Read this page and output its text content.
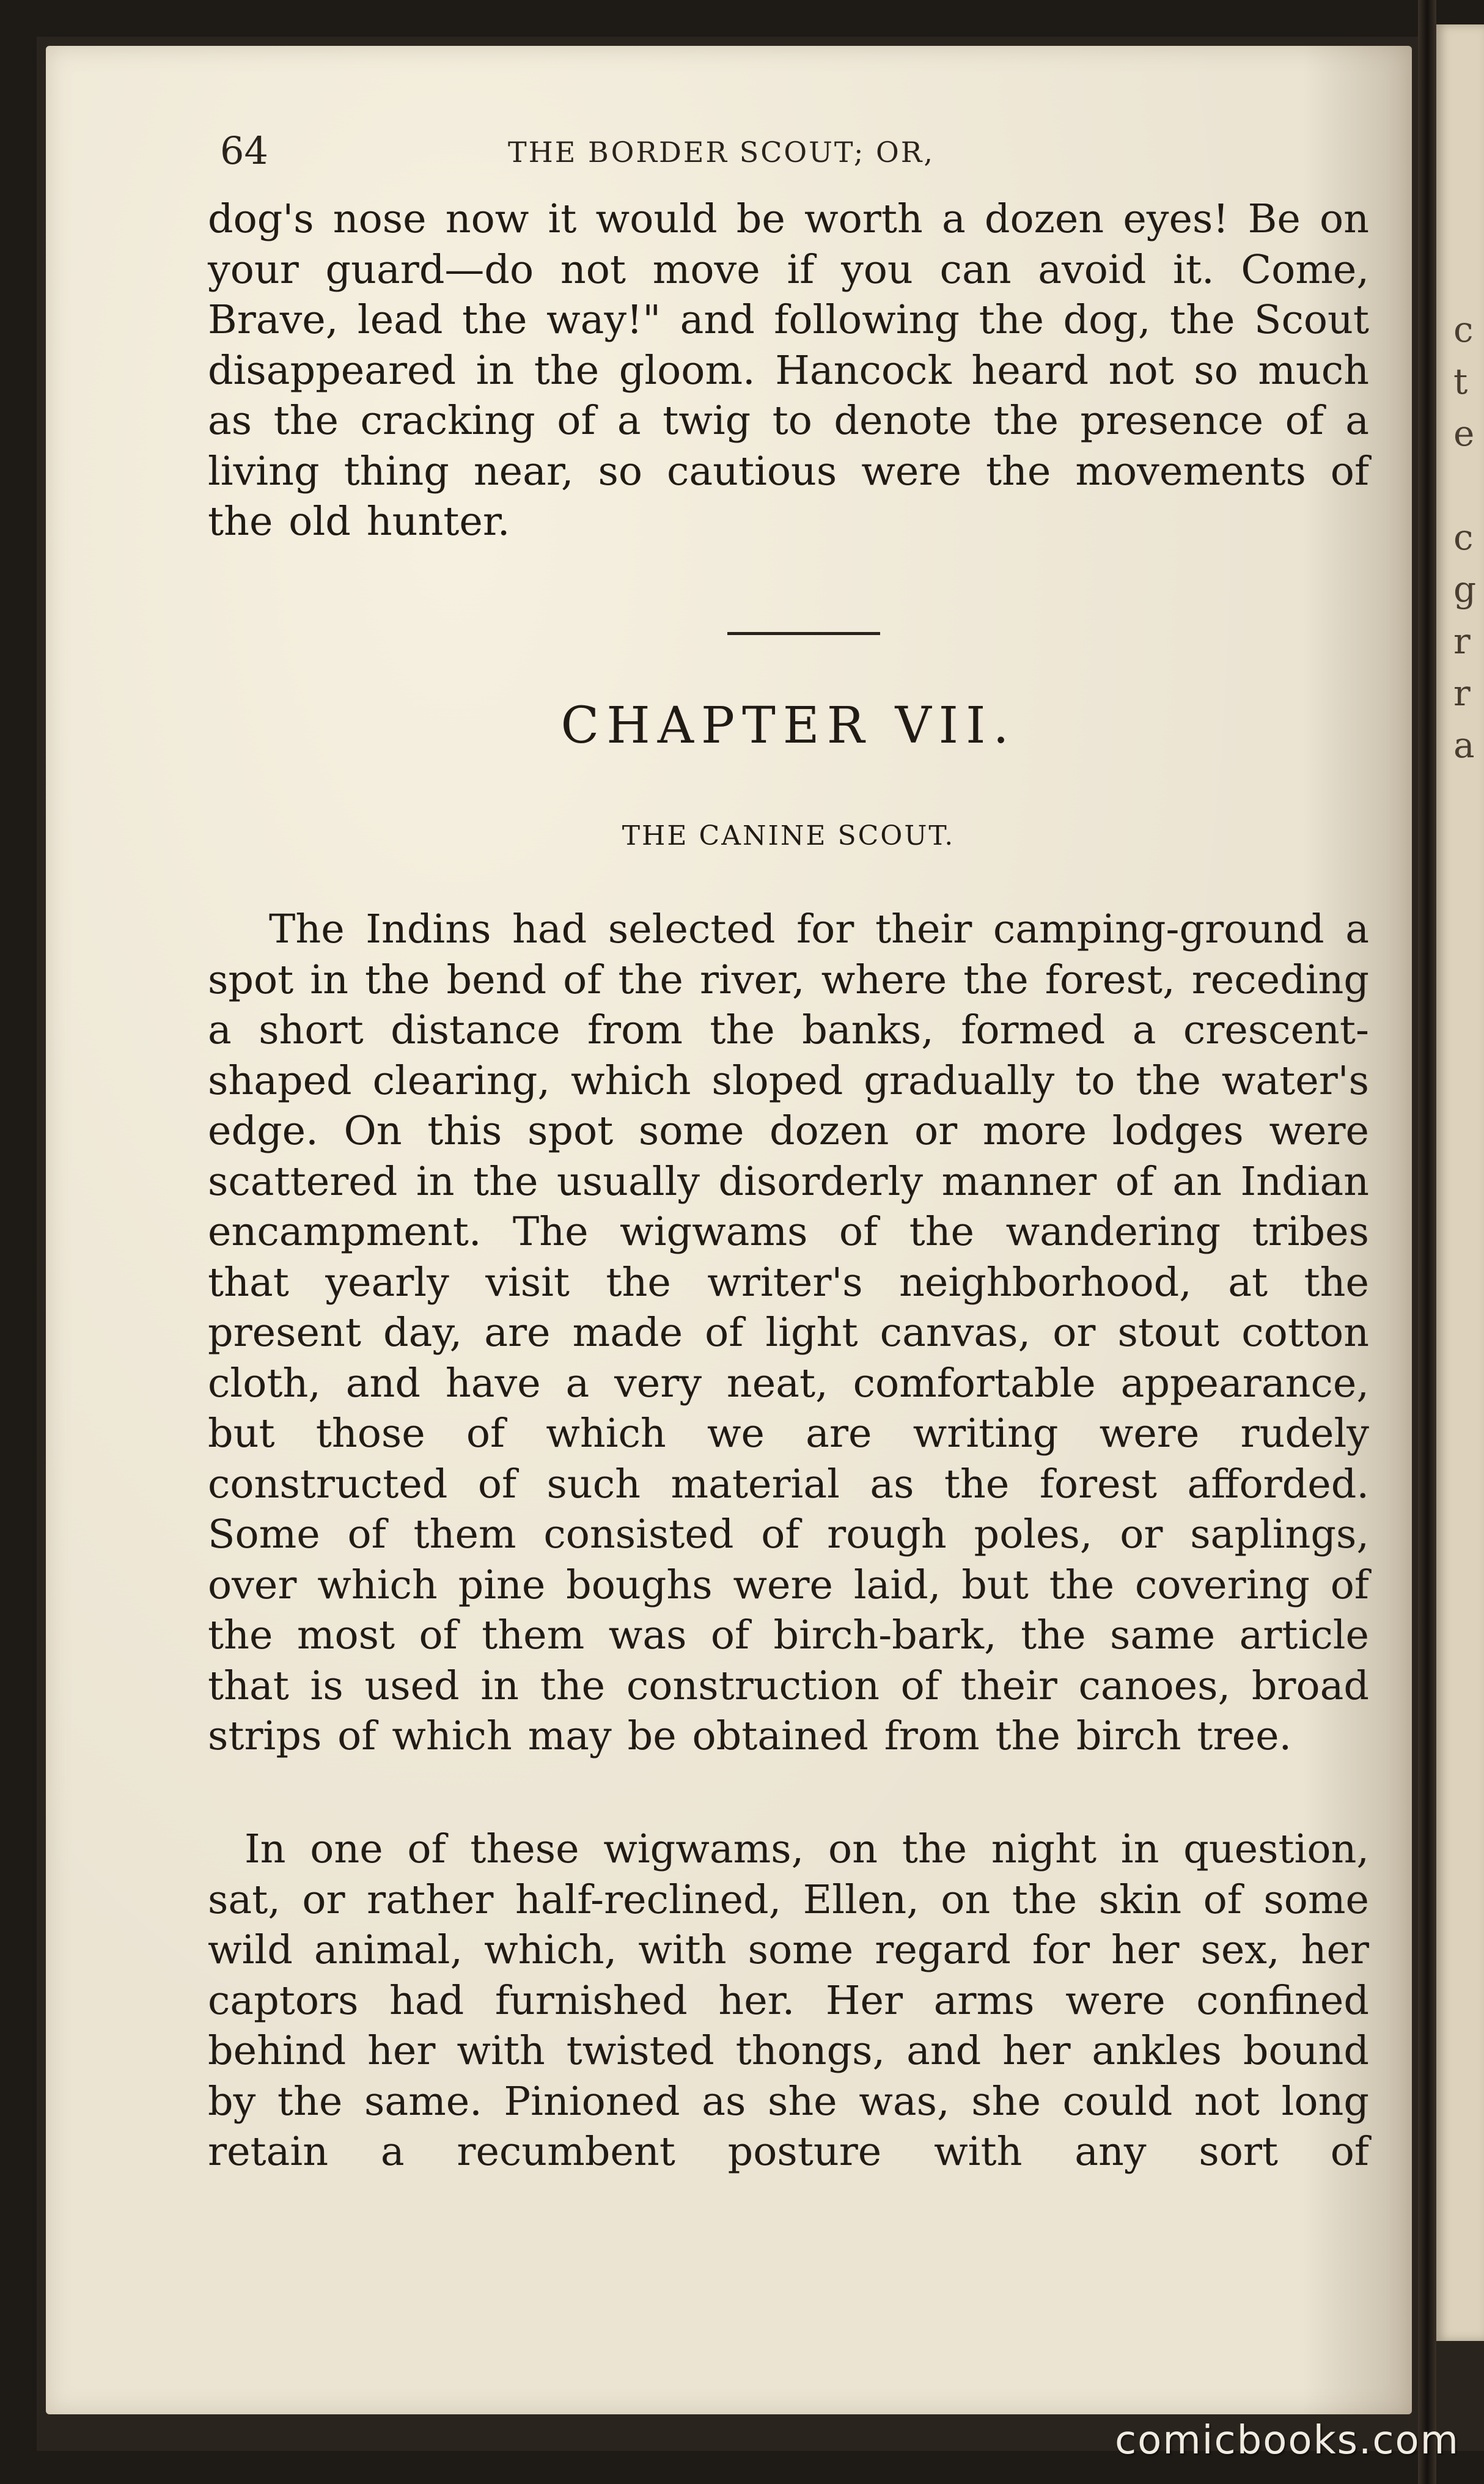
c
t
e
c
g
r
r
a
64	THE BORDER SCOUT; OR,

dog's nose now it would be worth a dozen eyes! Be on your guard—do not move if you can avoid it. Come, Brave, lead the way!" and following the dog, the Scout disappeared in the gloom. Hancock heard not so much as the cracking of a twig to denote the presence of a living thing near, so cautious were the movements of the old hunter.

CHAPTER VII.
THE CANINE SCOUT.

The Indins had selected for their camping-ground a spot in the bend of the river, where the forest, receding a short distance from the banks, formed a crescent-shaped clearing, which sloped gradually to the water's edge. On this spot some dozen or more lodges were scattered in the usually disorderly manner of an Indian encampment. The wigwams of the wandering tribes that yearly visit the writer's neighborhood, at the present day, are made of light canvas, or stout cotton cloth, and have a very neat, comfortable appearance, but those of which we are writing were rudely constructed of such material as the forest afforded. Some of them consisted of rough poles, or saplings, over which pine boughs were laid, but the covering of the most of them was of birch-bark, the same article that is used in the construction of their canoes, broad strips of which may be obtained from the birch tree.

In one of these wigwams, on the night in question, sat, or rather half-reclined, Ellen, on the skin of some wild animal, which, with some regard for her sex, her captors had furnished her. Her arms were confined behind her with twisted thongs, and her ankles bound by the same. Pinioned as she was, she could not long retain a recumbent posture with any sort of

comicbooks.com
